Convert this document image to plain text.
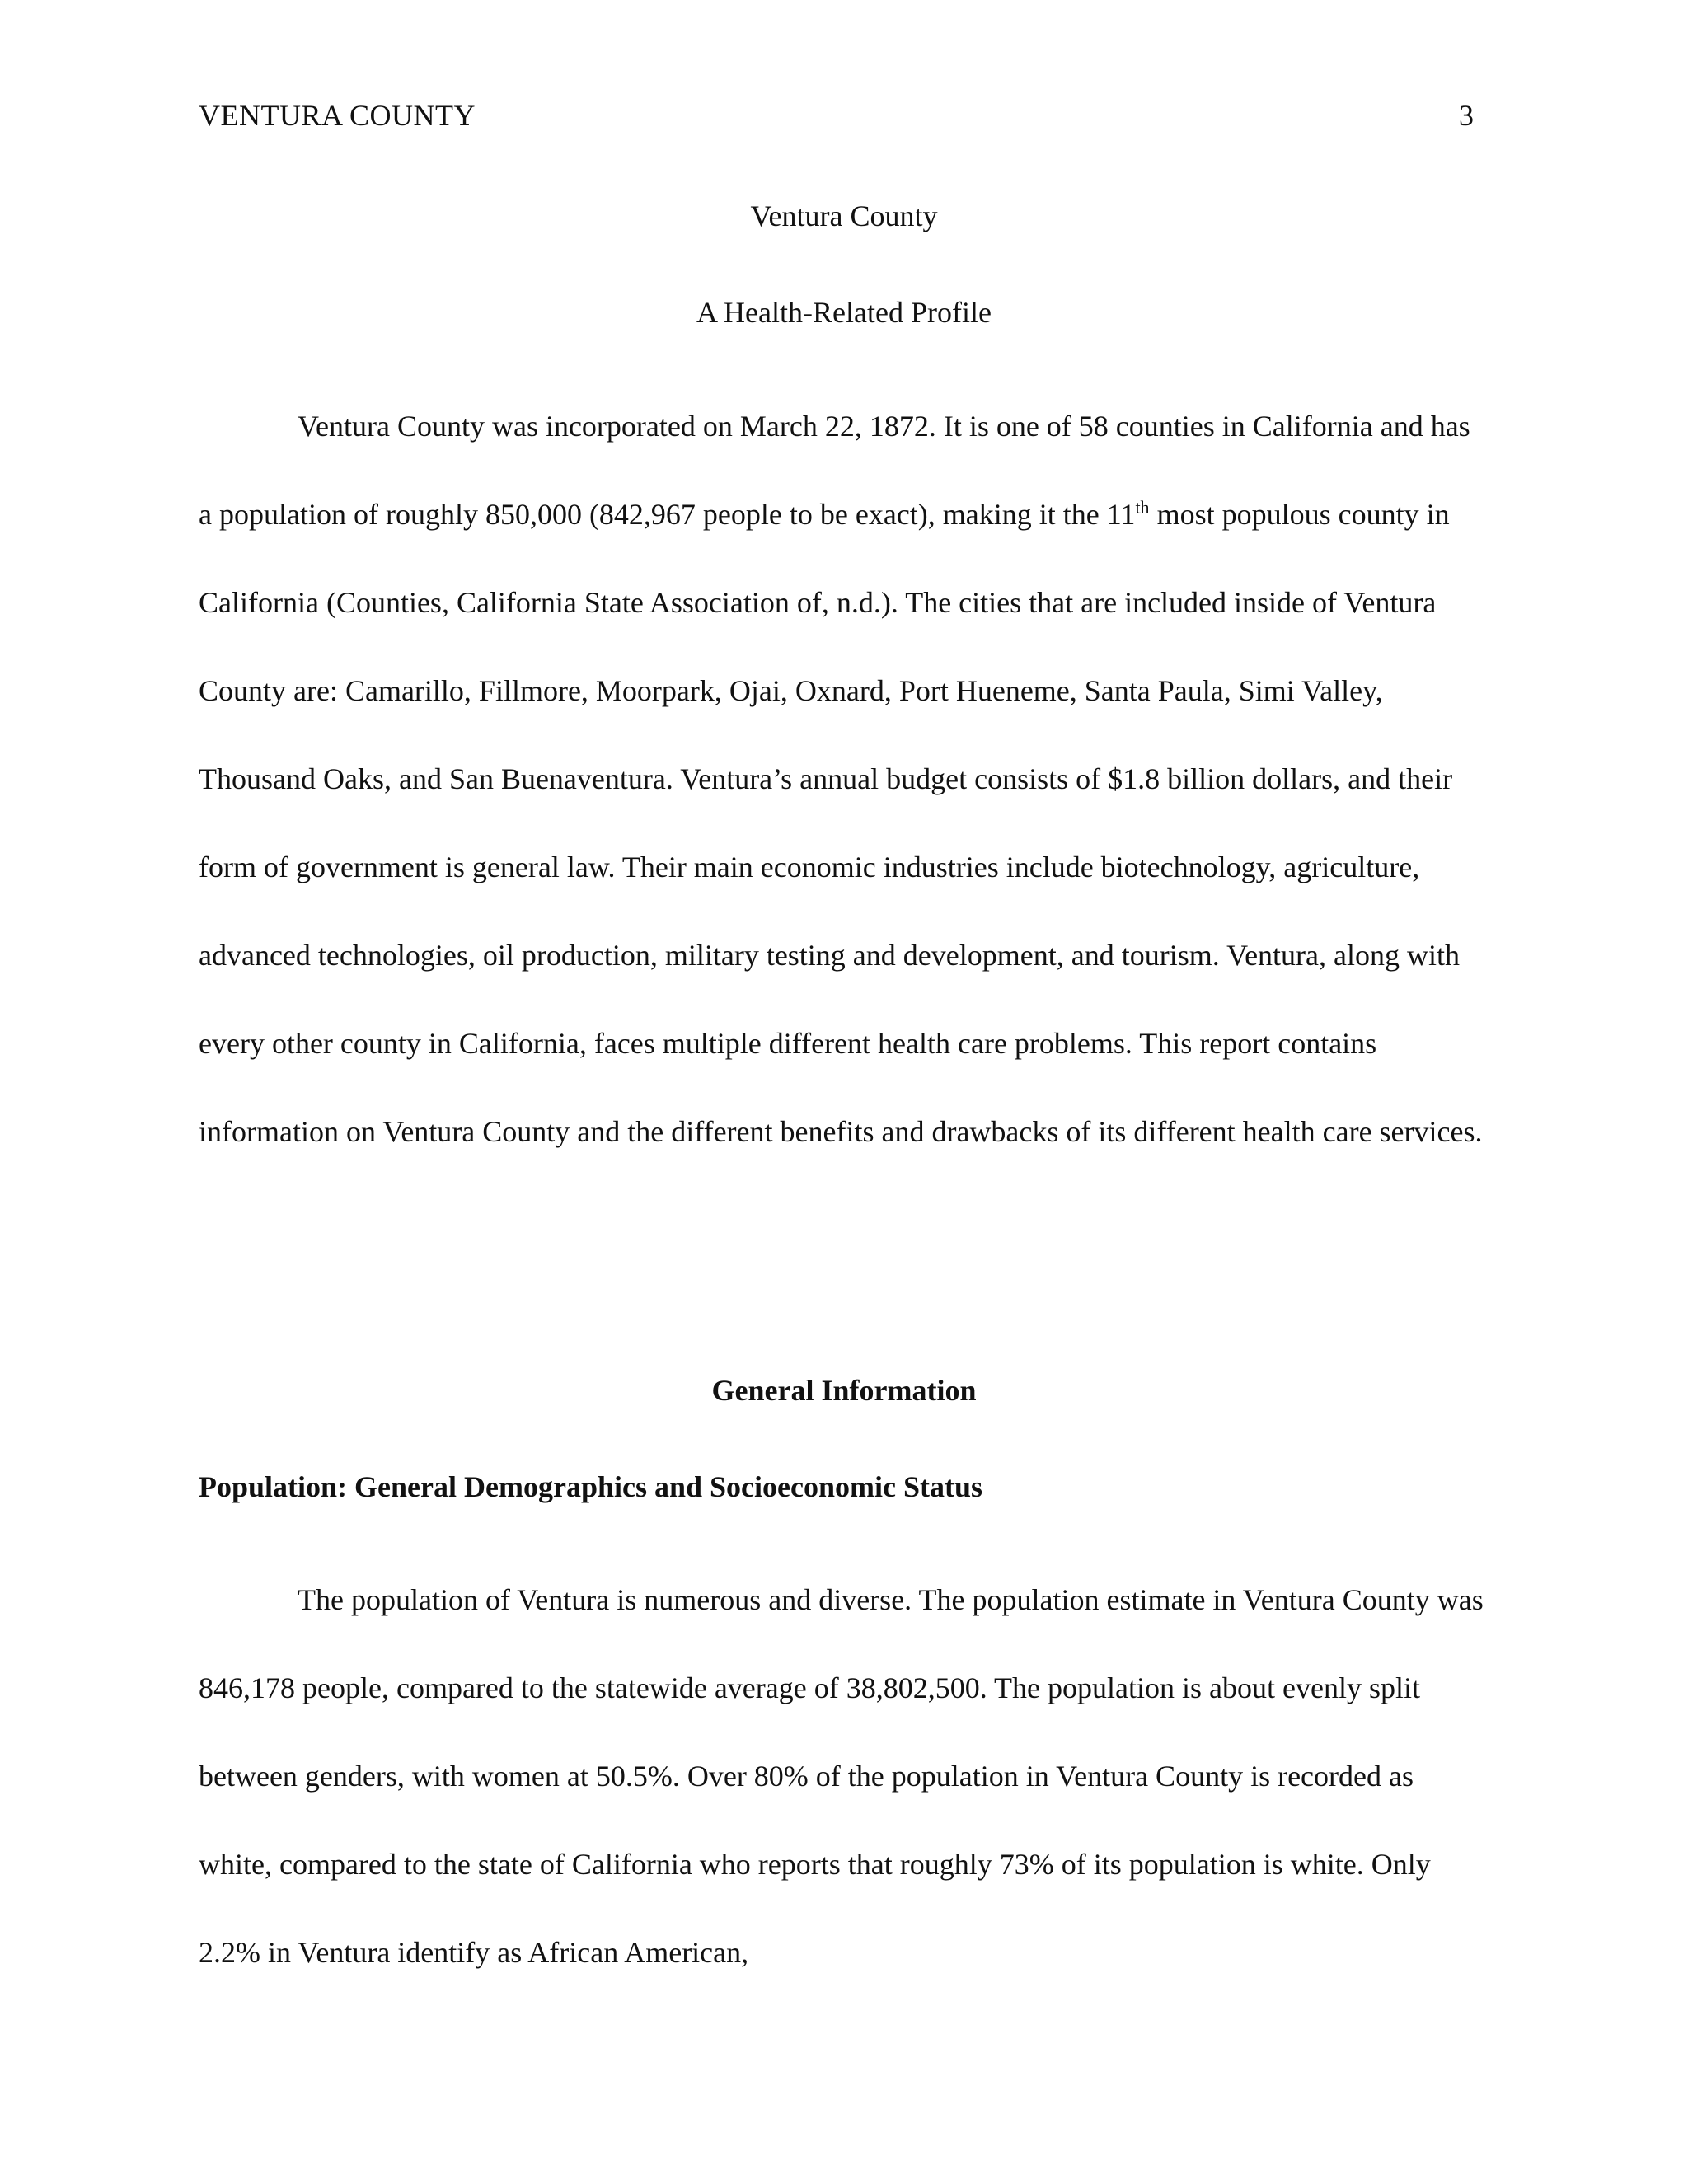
VENTURA COUNTY	3
Ventura County
A Health-Related Profile

Ventura County was incorporated on March 22, 1872. It is one of 58 counties in California and has a population of roughly 850,000 (842,967 people to be exact), making it the 11th most populous county in California (Counties, California State Association of, n.d.). The cities that are included inside of Ventura County are: Camarillo, Fillmore, Moorpark, Ojai, Oxnard, Port Hueneme, Santa Paula, Simi Valley, Thousand Oaks, and San Buenaventura. Ventura’s annual budget consists of $1.8 billion dollars, and their form of government is general law. Their main economic industries include biotechnology, agriculture, advanced technologies, oil production, military testing and development, and tourism. Ventura, along with every other county in California, faces multiple different health care problems. This report contains information on Ventura County and the different benefits and drawbacks of its different health care services.

General Information
Population: General Demographics and Socioeconomic Status

The population of Ventura is numerous and diverse. The population estimate in Ventura County was 846,178 people, compared to the statewide average of 38,802,500. The population is about evenly split between genders, with women at 50.5%. Over 80% of the population in Ventura County is recorded as white, compared to the state of California who reports that roughly 73% of its population is white. Only 2.2% in Ventura identify as African American,
